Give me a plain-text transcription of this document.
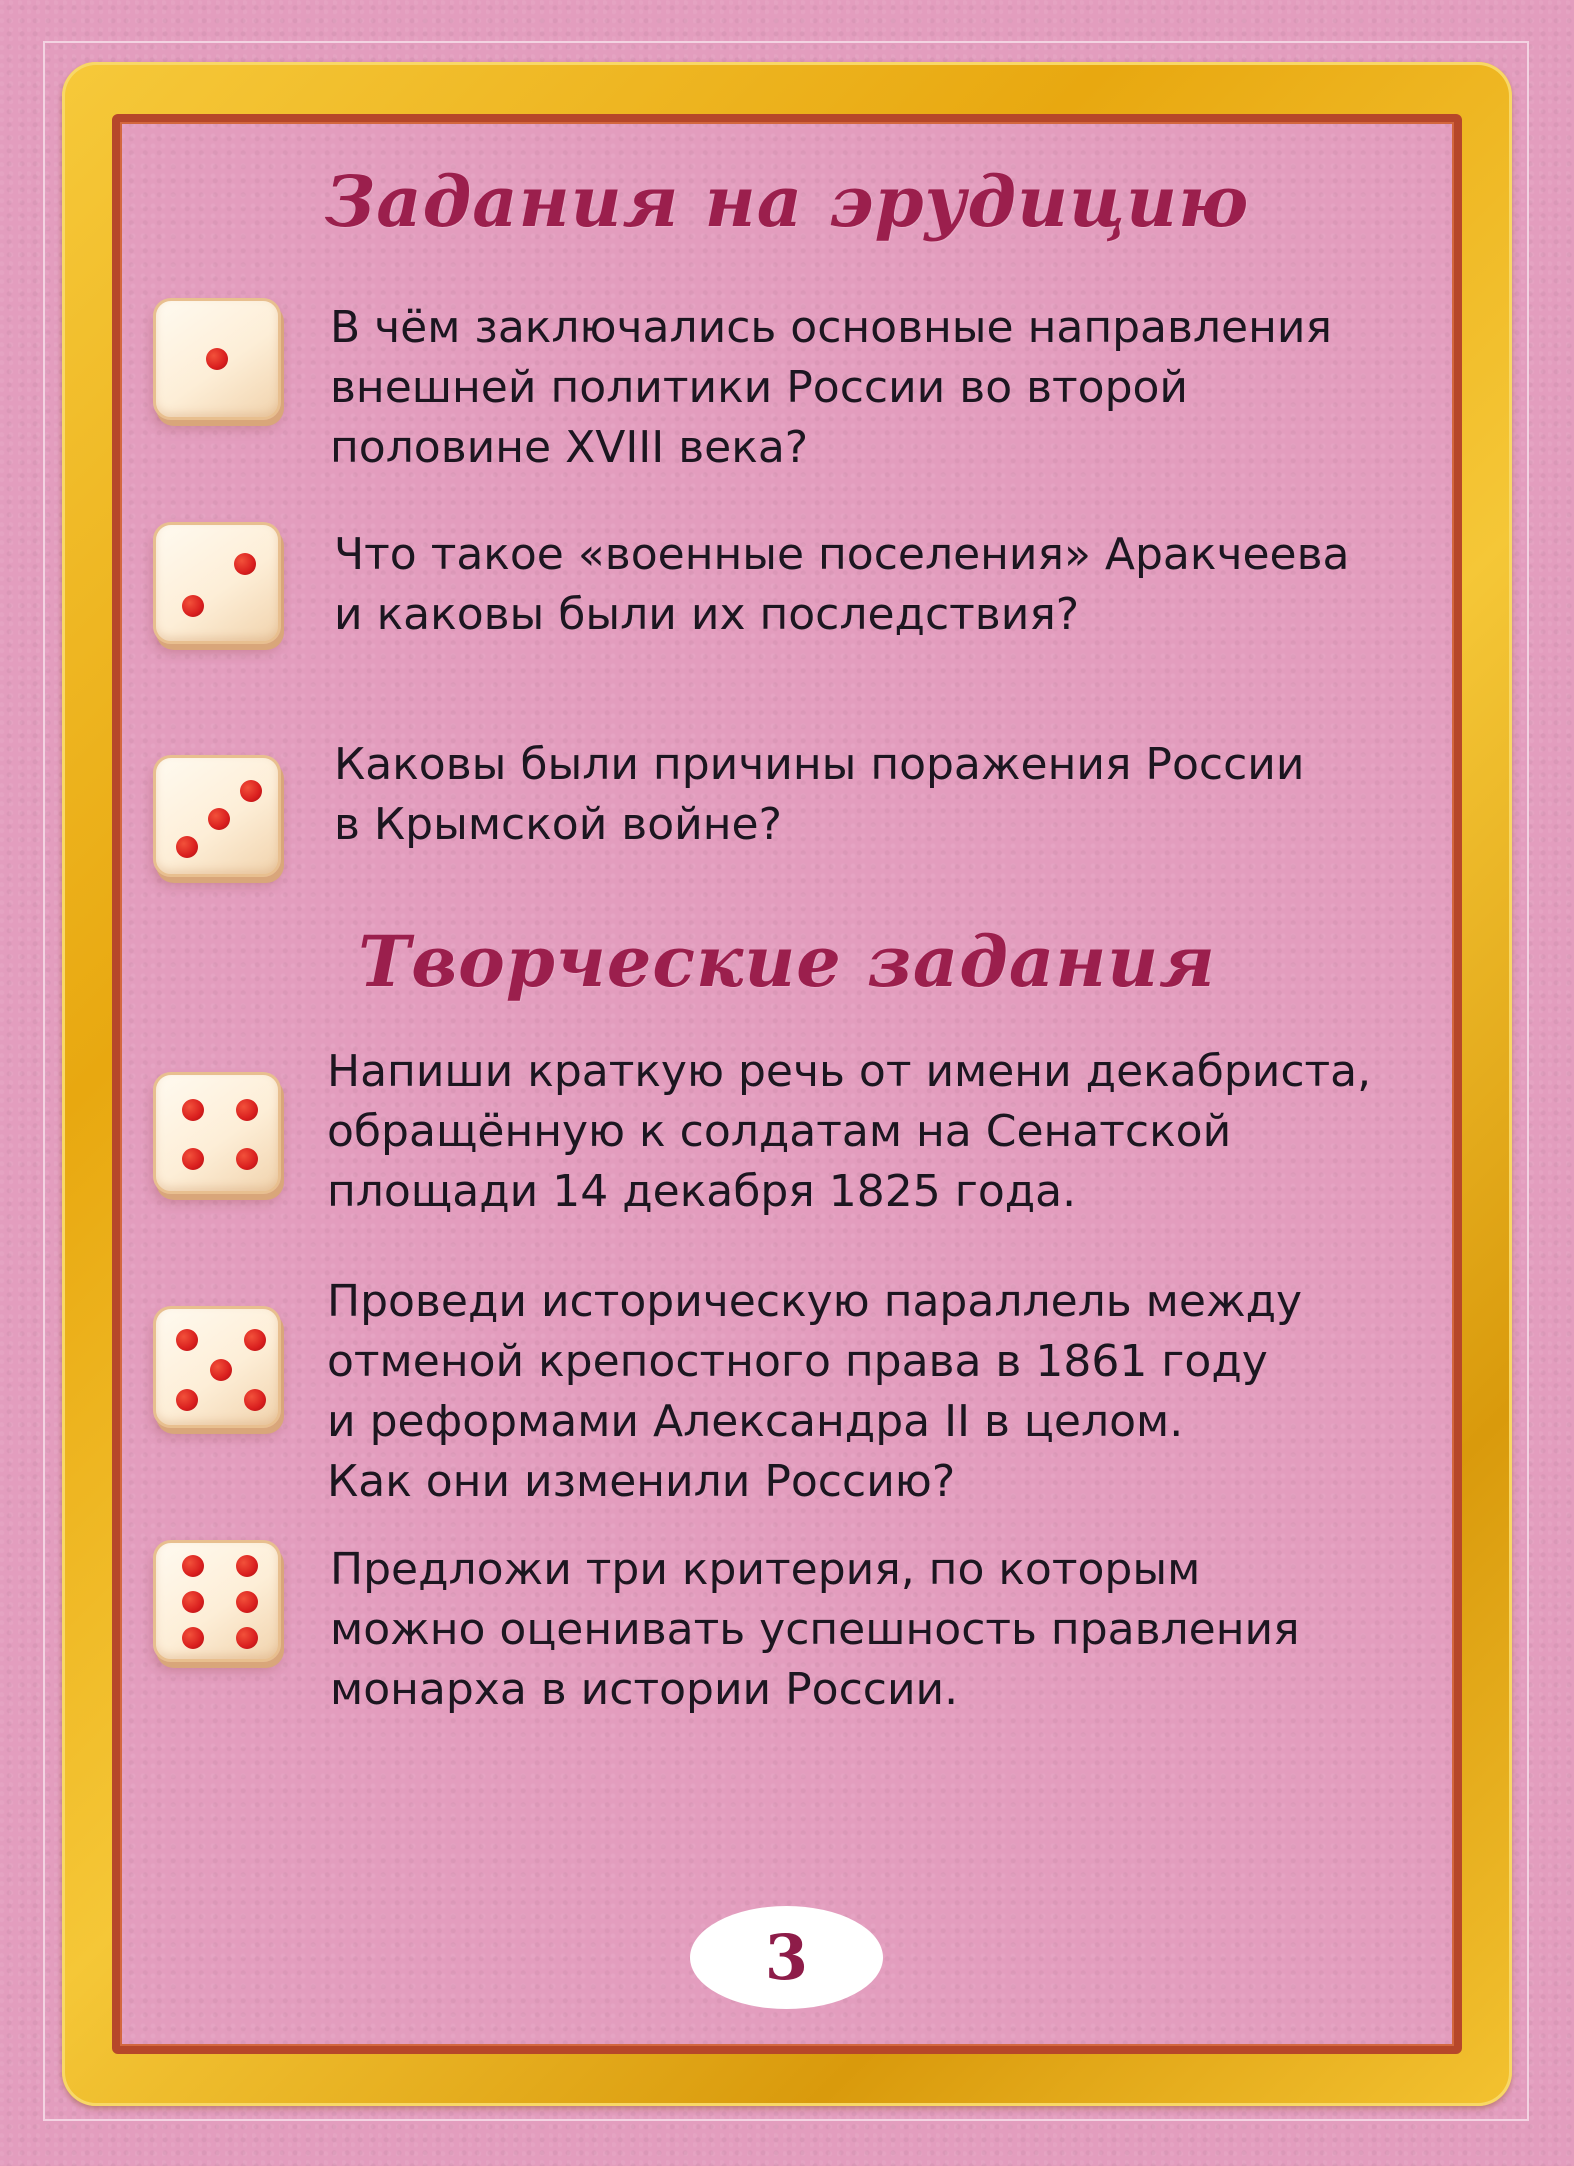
Задания на эрудицию
В чём заключались основные направления
внешней политики России во второй
половине XVIII века?
Что такое «военные поселения» Аракчеева
и каковы были их последствия?
Каковы были причины поражения России
в Крымской войне?
Творческие задания
Напиши краткую речь от имени декабриста,
обращённую к солдатам на Сенатской
площади 14 декабря 1825 года.
Проведи историческую параллель между
отменой крепостного права в 1861 году
и реформами Александра II в целом.
Как они изменили Россию?
Предложи три критерия, по которым
можно оценивать успешность правления
монарха в истории России.
3
